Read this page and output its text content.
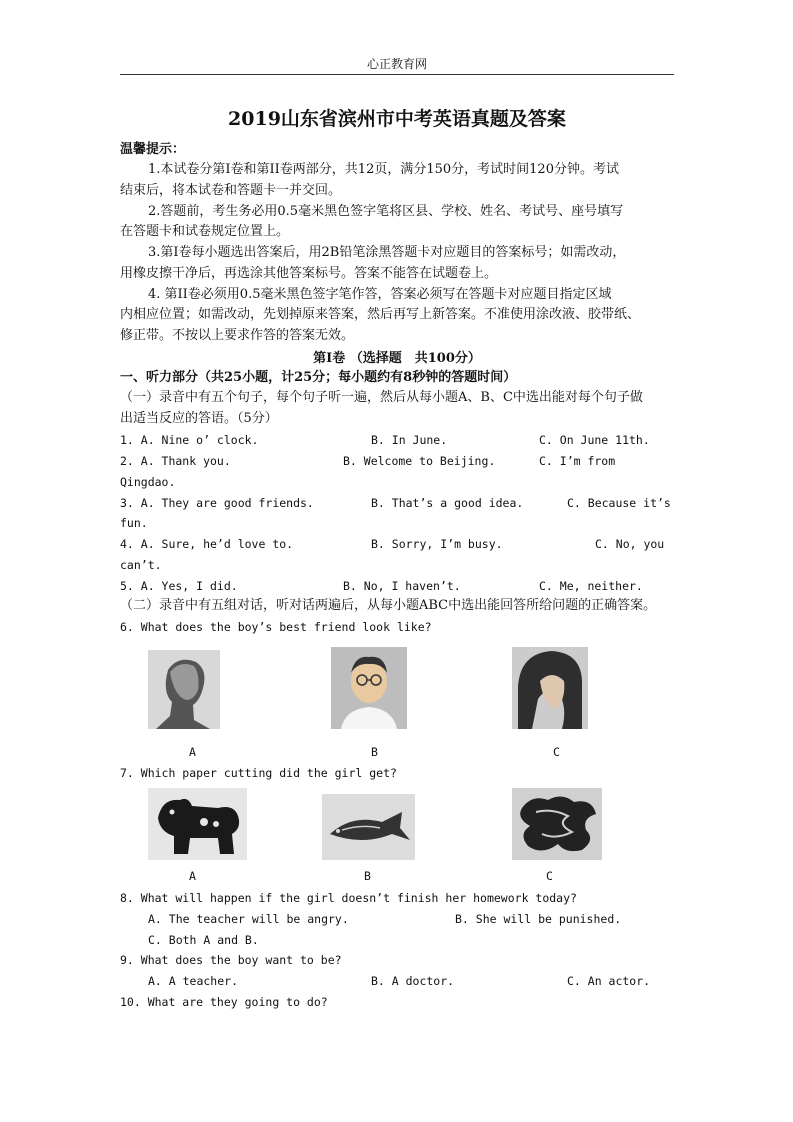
心正教育网
2019山东省滨州市中考英语真题及答案
温馨提示：
1.本试卷分第I卷和第II卷两部分，共12页，满分150分，考试时间120分钟。考试
结束后，将本试卷和答题卡一并交回。
2.答题前，考生务必用0.5毫米黑色签字笔将区县、学校、姓名、考试号、座号填写
在答题卡和试卷规定位置上。
3.第I卷每小题选出答案后，用2B铅笔涂黑答题卡对应题目的答案标号；如需改动，
用橡皮擦干净后，再选涂其他答案标号。答案不能答在试题卷上。
4. 第II卷必须用0.5毫米黑色签字笔作答，答案必须写在答题卡对应题目指定区域
内相应位置；如需改动，先划掉原来答案，然后再写上新答案。不准使用涂改液、胶带纸、
修正带。不按以上要求作答的答案无效。
第I卷 （选择题　共100分）
一、听力部分（共25小题，计25分；每小题约有8秒钟的答题时间）
（一）录音中有五个句子，每个句子听一遍，然后从每小题A、B、C中选出能对每个句子做
出适当反应的答语。（5分）
1. A. Nine o’ clock.	B. In June.	C. On June 11th.
2. A. Thank you.	B. Welcome to Beijing.	C. I’m from
Qingdao.
3. A. They are good friends.	B. That’s a good idea.	C. Because it’s
fun.
4. A. Sure, he’d love to.	B. Sorry, I’m busy.	C. No, you
can’t.
5. A. Yes, I did.	B. No, I haven’t.	C. Me, neither.
（二）录音中有五组对话，听对话两遍后，从每小题ABC中选出能回答所给问题的正确答案。
6. What does the boy’s best friend look like?
A	B	C
7. Which paper cutting did the girl get?
A	B	C
8. What will happen if the girl doesn’t finish her homework today?
A. The teacher will be angry.	B. She will be punished.
C. Both A and B.
9. What does the boy want to be?
A. A teacher.	B. A doctor.	C. An actor.
10. What are they going to do?
